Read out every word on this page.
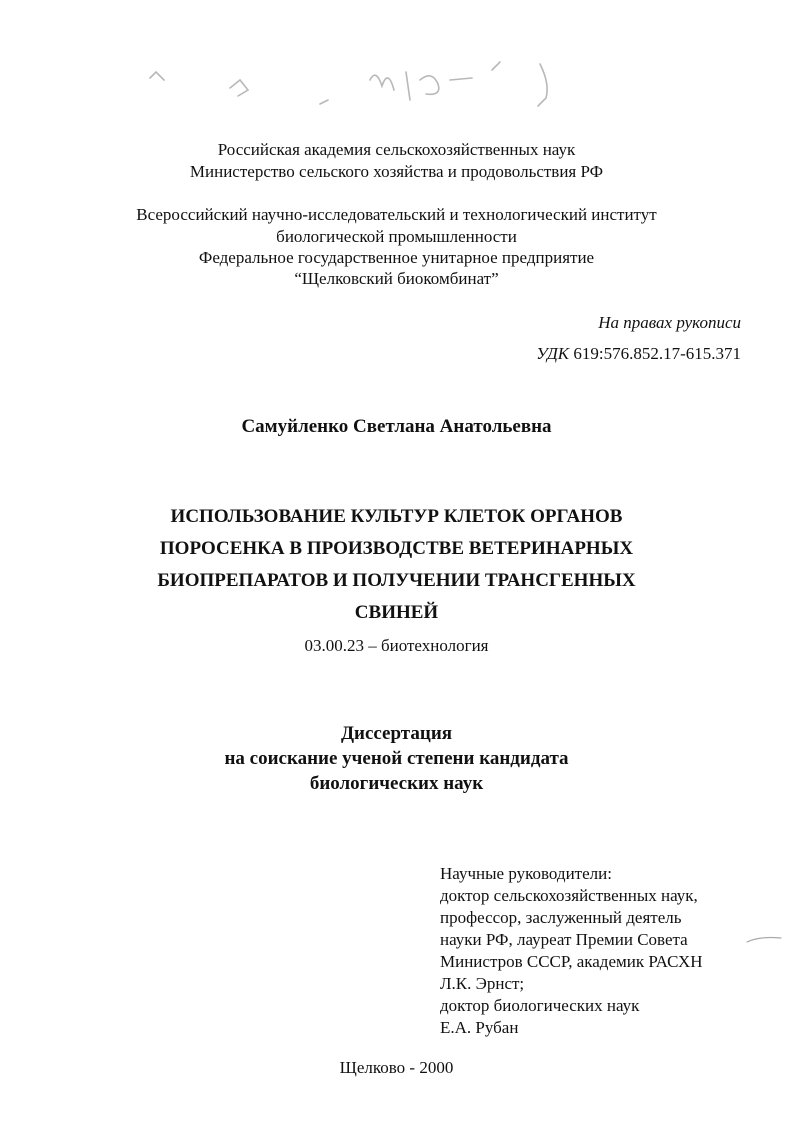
Российская академия сельскохозяйственных наук
Министерство сельского хозяйства и продовольствия РФ
Всероссийский научно-исследовательский и технологический институт
биологической промышленности
Федеральное государственное унитарное предприятие
“Щелковский биокомбинат”
На правах рукописи
УДК 619:576.852.17-615.371
Самуйленко Светлана Анатольевна
ИСПОЛЬЗОВАНИЕ КУЛЬТУР КЛЕТОК ОРГАНОВ
ПОРОСЕНКА В ПРОИЗВОДСТВЕ ВЕТЕРИНАРНЫХ
БИОПРЕПАРАТОВ И ПОЛУЧЕНИИ ТРАНСГЕННЫХ
СВИНЕЙ
03.00.23 – биотехнология
Диссертация
на соискание ученой степени кандидата
биологических наук
Научные руководители:
доктор сельскохозяйственных наук,
профессор, заслуженный деятель
науки РФ, лауреат Премии Совета
Министров СССР, академик РАСХН
Л.К. Эрнст;
доктор биологических наук
Е.А. Рубан
Щелково - 2000
